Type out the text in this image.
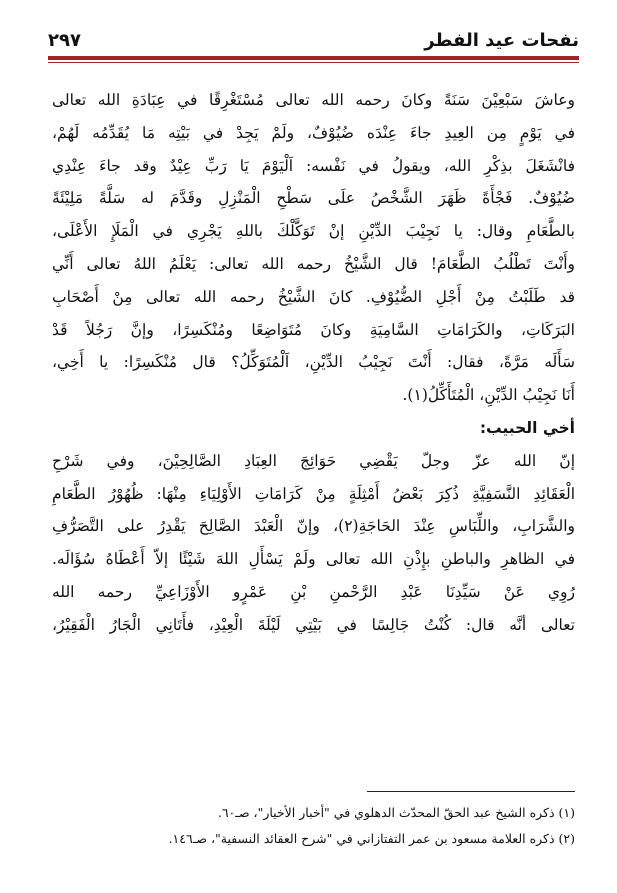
نفحات عيد الفطر
٢٩٧
وعاشَ سَبْعِيْنَ سَنَةً وكانَ رحمه الله تعالى مُسْتَغْرِقًا في عِبَادَةِ الله تعالى
في يَوْمٍ مِن العِيدِ جاءَ عِنْدَه ضُيُوْفٌ، ولَمْ يَجِدْ في بَيْتِه مَا يُقَدِّمُه لَهُمْ،
فانْشَغَلَ بذِكْرِ الله، ويقولُ في نَفْسه: اَلْيَوْمَ يَا رَبِّ عِيْدٌ وقد جاءَ عِنْدِي
ضُيُوْفٌ. فَجْأَةً ظَهَرَ الشَّخْصُ علَى سَطْحِ الْمَنْزِلِ وقَدَّمَ له سَلَّةً مَلِيْئَةً
بالطَّعَامِ وقال: يا نَجِيْبَ الدِّيْنِ إنْ تَوَكَّلْكَ باللهِ يَجْرِي في الْمَلَإِ الأَعْلَى،
وأَنْتَ تَطْلُبُ الطَّعَامَ! قال الشَّيْخُ رحمه الله تعالى: يَعْلَمُ اللهُ تعالى أَنِّي
قد طَلَبْتُ مِنْ أَجْلِ الضُّيُوْفِ. كانَ الشَّيْخُ رحمه الله تعالى مِنْ أَصْحَابِ
البَرَكَاتِ، والكَرَامَاتِ السَّامِيَةِ وكانَ مُتَوَاضِعًا ومُنْكَسِرًا، وإنَّ رَجُلاً قَدْ
سَأَلَه مَرَّةً، فقال: أَنْتَ نَجِيْبُ الدِّيْنِ، اَلْمُتَوَكِّلُ؟ قال مُنْكَسِرًا: يا أَخِي،
أَنَا نَجِيْبُ الدِّيْنِ، الْمُتَأَكِّلُ(١).
أخي الحبيب:
إنّ الله عزّ وجلّ يَقْضِي حَوَائِجَ العِبَادِ الصَّالِحِيْنَ، وفي شَرْحِ
الْعَقَائِدِ النَّسَفِيَّةِ ذُكِرَ بَعْضُ أَمْثِلَةٍ مِنْ كَرَامَاتِ الأَوْلِيَاءِ مِنْهَا: ظُهُوْرُ الطَّعَامِ
والشَّرَابِ، واللِّبَاسِ عِنْدَ الحَاجَةِ(٢)، وإنّ الْعَبْدَ الصَّالِحَ يَقْدِرُ على التَّصَرُّفِ
في الظاهرِ والباطنِ بإِذْنِ الله تعالى ولَمْ يَسْأَلِ اللهَ شَيْئًا إلاّ أَعْطَاهُ سُؤَالَه.
رُوِي عَنْ سَيِّدِنَا عَبْدِ الرَّحْمنِ بْنِ عَمْرٍو الأَوْزَاعِيِّ رحمه الله
تعالى أنَّه قال: كُنْتُ جَالِسًا في بَيْتِي لَيْلَةَ الْعِيْدِ، فأَتَانِي الْجَارُ الْفَقِيْرُ،
(١) ذكره الشيخ عبد الحقّ المحدّث الدهلوي في "أخبار الأخيار"، صـ٦٠.
(٢) ذكره العلامة مسعود بن عمر التفتازاني في "شرح العقائد النسفية"، صـ١٤٦.
